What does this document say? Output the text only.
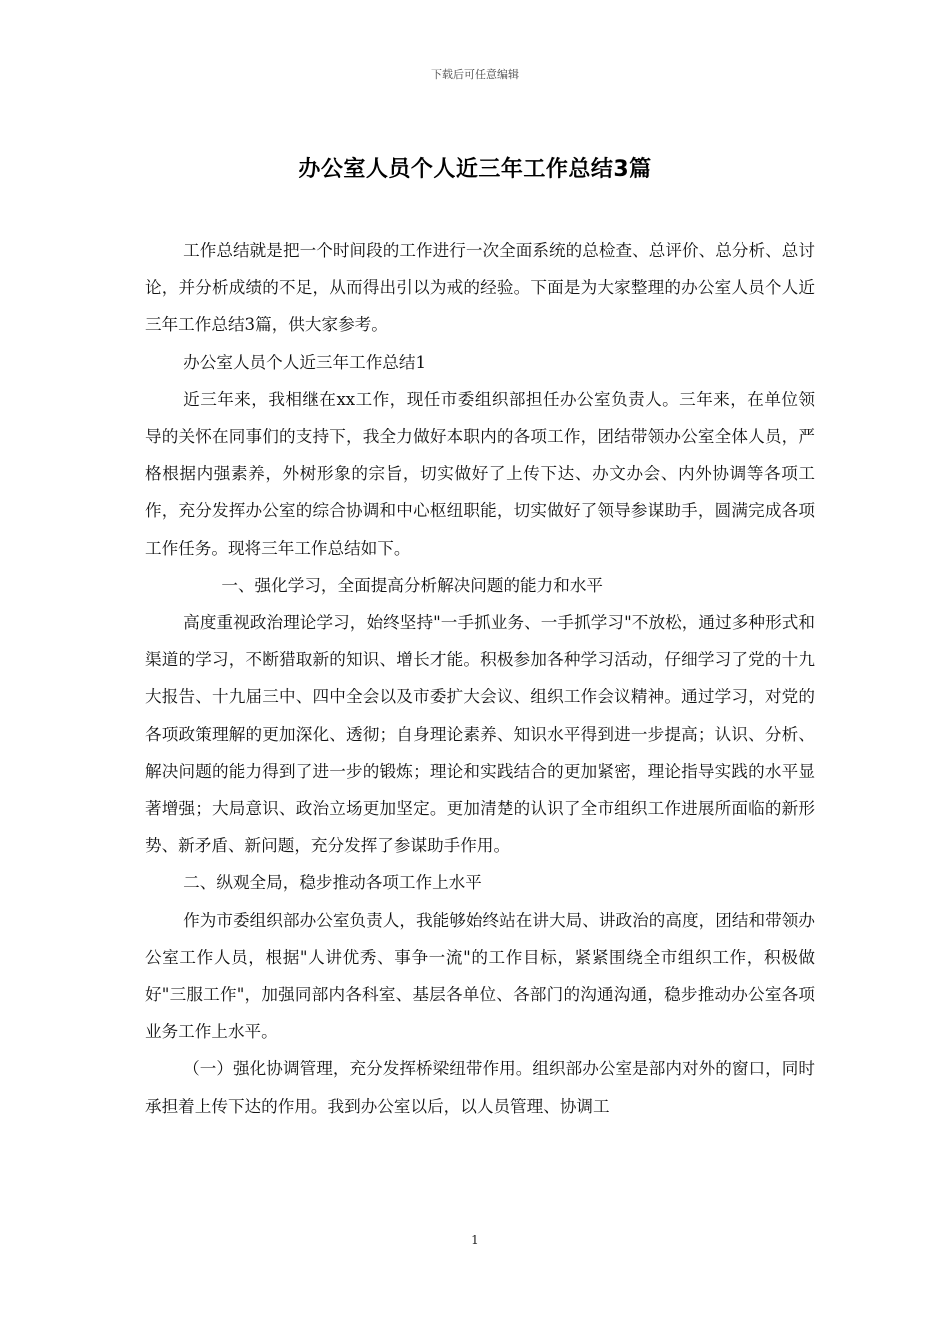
下载后可任意编辑
办公室人员个人近三年工作总结3篇

工作总结就是把一个时间段的工作进行一次全面系统的总检查、总评价、总分析、总讨论，并分析成绩的不足，从而得出引以为戒的经验。下面是为大家整理的办公室人员个人近三年工作总结3篇，供大家参考。

办公室人员个人近三年工作总结1

近三年来，我相继在xx工作，现任市委组织部担任办公室负责人。三年来，在单位领导的关怀在同事们的支持下，我全力做好本职内的各项工作，团结带领办公室全体人员，严格根据内强素养，外树形象的宗旨，切实做好了上传下达、办文办会、内外协调等各项工作，充分发挥办公室的综合协调和中心枢纽职能，切实做好了领导参谋助手，圆满完成各项工作任务。现将三年工作总结如下。

一、强化学习，全面提高分析解决问题的能力和水平

高度重视政治理论学习，始终坚持"一手抓业务、一手抓学习"不放松，通过多种形式和渠道的学习，不断猎取新的知识、增长才能。积极参加各种学习活动，仔细学习了党的十九大报告、十九届三中、四中全会以及市委扩大会议、组织工作会议精神。通过学习，对党的各项政策理解的更加深化、透彻；自身理论素养、知识水平得到进一步提高；认识、分析、解决问题的能力得到了进一步的锻炼；理论和实践结合的更加紧密，理论指导实践的水平显著增强；大局意识、政治立场更加坚定。更加清楚的认识了全市组织工作进展所面临的新形势、新矛盾、新问题，充分发挥了参谋助手作用。

二、纵观全局，稳步推动各项工作上水平

作为市委组织部办公室负责人，我能够始终站在讲大局、讲政治的高度，团结和带领办公室工作人员，根据"人讲优秀、事争一流"的工作目标，紧紧围绕全市组织工作，积极做好"三服工作"，加强同部内各科室、基层各单位、各部门的沟通沟通，稳步推动办公室各项业务工作上水平。

（一）强化协调管理，充分发挥桥梁纽带作用。组织部办公室是部内对外的窗口，同时承担着上传下达的作用。我到办公室以后，以人员管理、协调工

1
